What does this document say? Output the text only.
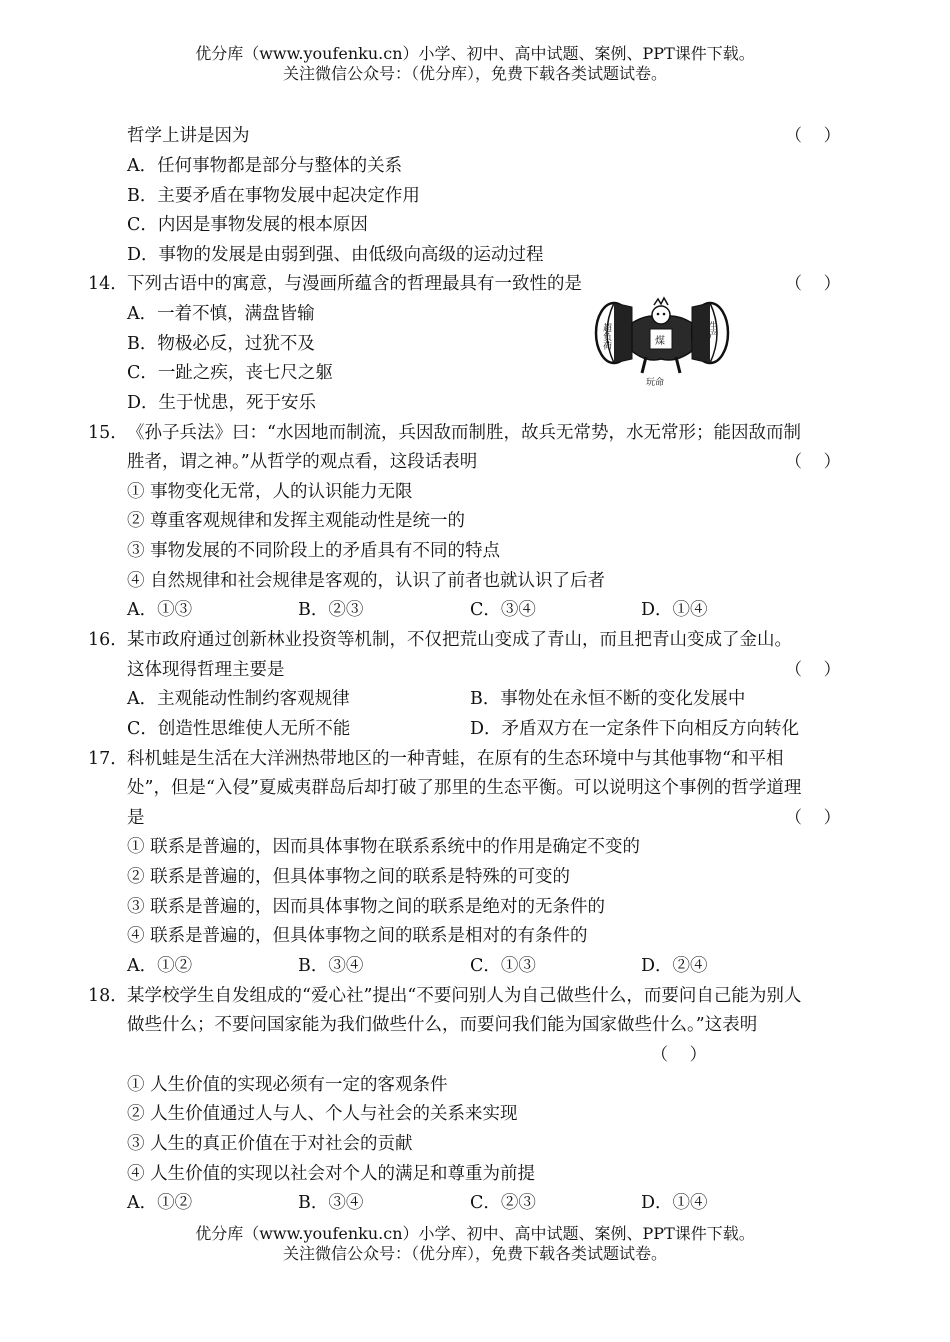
优分库（www.youfenku.cn）小学、初中、高中试题、案例、PPT课件下载。
关注微信公众号：（优分库），免费下载各类试题试卷。
哲学上讲是因为	（    ）
A．任何事物都是部分与整体的关系
B．主要矛盾在事物发展中起决定作用
C．内因是事物发展的根本原因
D．事物的发展是由弱到强、由低级向高级的运动过程
14． 下列古语中的寓意，与漫画所蕴含的哲理最具有一致性的是	（    ）
A．一着不慎，满盘皆输
B．物极必反，过犹不及
C．一趾之疾，丧七尺之躯
D．生于忧患，死于安乐
超负荷	煤
生产
玩命
15． 《孙子兵法》曰：“水因地而制流，兵因敌而制胜，故兵无常势，水无常形；能因敌而制
胜者，谓之神。”从哲学的观点看，这段话表明	（    ）
① 事物变化无常，人的认识能力无限
② 尊重客观规律和发挥主观能动性是统一的
③ 事物发展的不同阶段上的矛盾具有不同的特点
④ 自然规律和社会规律是客观的，认识了前者也就认识了后者
A．①③	B．②③	C．③④	D．①④
16． 某市政府通过创新林业投资等机制，不仅把荒山变成了青山，而且把青山变成了金山。
这体现得哲理主要是	（    ）
A．主观能动性制约客观规律	B．事物处在永恒不断的变化发展中
C．创造性思维使人无所不能	D．矛盾双方在一定条件下向相反方向转化
17． 科机蛙是生活在大洋洲热带地区的一种青蛙，在原有的生态环境中与其他事物“和平相
处”，但是“入侵”夏威夷群岛后却打破了那里的生态平衡。可以说明这个事例的哲学道理
是	（    ）
① 联系是普遍的，因而具体事物在联系系统中的作用是确定不变的
② 联系是普遍的，但具体事物之间的联系是特殊的可变的
③ 联系是普遍的，因而具体事物之间的联系是绝对的无条件的
④ 联系是普遍的，但具体事物之间的联系是相对的有条件的
A．①②	B．③④	C．①③	D．②④
18． 某学校学生自发组成的“爱心社”提出“不要问别人为自己做些什么，而要问自己能为别人
做些什么；不要问国家能为我们做些什么，而要问我们能为国家做些什么。”这表明
（    ）
① 人生价值的实现必须有一定的客观条件
② 人生价值通过人与人、个人与社会的关系来实现
③ 人生的真正价值在于对社会的贡献
④ 人生价值的实现以社会对个人的满足和尊重为前提
A．①②	B．③④	C．②③	D．①④
优分库（www.youfenku.cn）小学、初中、高中试题、案例、PPT课件下载。
关注微信公众号：（优分库），免费下载各类试题试卷。
